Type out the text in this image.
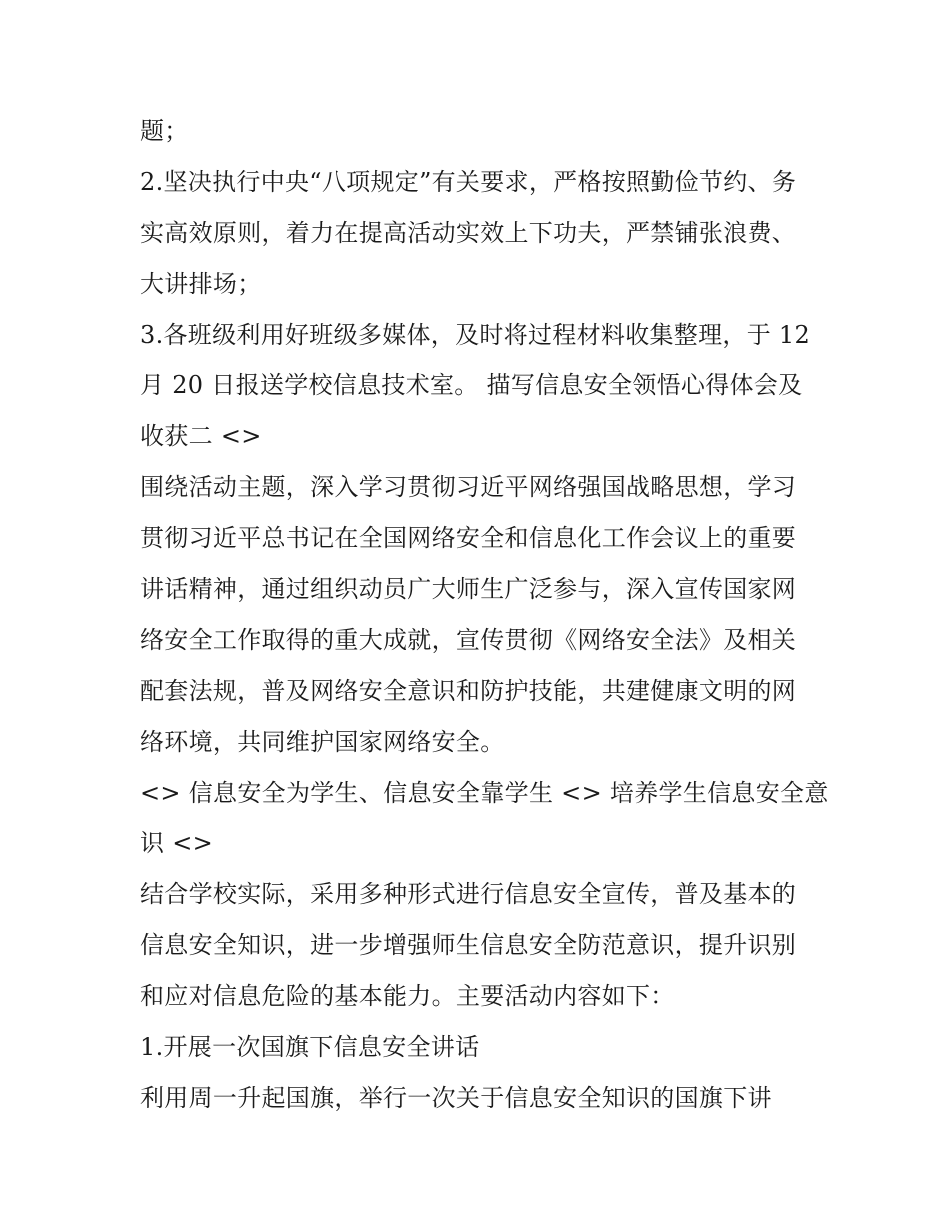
题；
2.坚决执行中央“八项规定”有关要求，严格按照勤俭节约、务
实高效原则，着力在提高活动实效上下功夫，严禁铺张浪费、
大讲排场；
3.各班级利用好班级多媒体，及时将过程材料收集整理，于 12
月 20 日报送学校信息技术室。 描写信息安全领悟心得体会及
收获二 <>
围绕活动主题，深入学习贯彻习近平网络强国战略思想，学习
贯彻习近平总书记在全国网络安全和信息化工作会议上的重要
讲话精神，通过组织动员广大师生广泛参与，深入宣传国家网
络安全工作取得的重大成就，宣传贯彻《网络安全法》及相关
配套法规，普及网络安全意识和防护技能，共建健康文明的网
络环境，共同维护国家网络安全。
<> 信息安全为学生、信息安全靠学生 <> 培养学生信息安全意
识 <>
结合学校实际，采用多种形式进行信息安全宣传，普及基本的
信息安全知识，进一步增强师生信息安全防范意识，提升识别
和应对信息危险的基本能力。主要活动内容如下：
1.开展一次国旗下信息安全讲话
利用周一升起国旗，举行一次关于信息安全知识的国旗下讲
